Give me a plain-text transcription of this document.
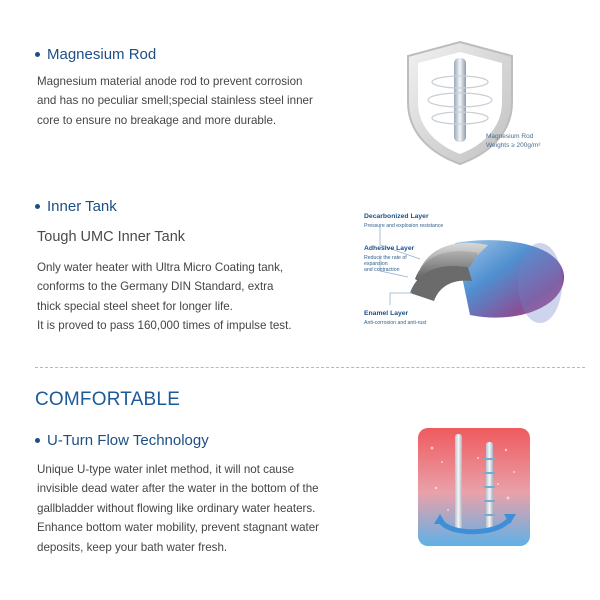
Magnesium Rod
Magnesium material anode rod to prevent corrosion
and has no peculiar smell;special stainless steel inner
core to ensure no breakage and more durable.
Magnesium Rod
Weights ≥ 200g/m²
Inner Tank
Tough UMC Inner Tank
Only water heater with Ultra Micro Coating tank,
conforms to the Germany DIN Standard, extra
thick special steel sheet for longer life.
It is proved to pass 160,000 times of impulse test.
Decarbonized Layer
Pressure and explosion resistance
Adhesive Layer
Reduce the rate of
expansion
and contraction
Enamel Layer
Anti-corrosion and anti-rust
COMFORTABLE
U-Turn Flow Technology
Unique U-type water inlet method, it will not cause
invisible dead water after the water in the bottom of the
gallbladder without flowing like ordinary water heaters.
Enhance bottom water mobility, prevent stagnant water
deposits, keep your bath water fresh.
